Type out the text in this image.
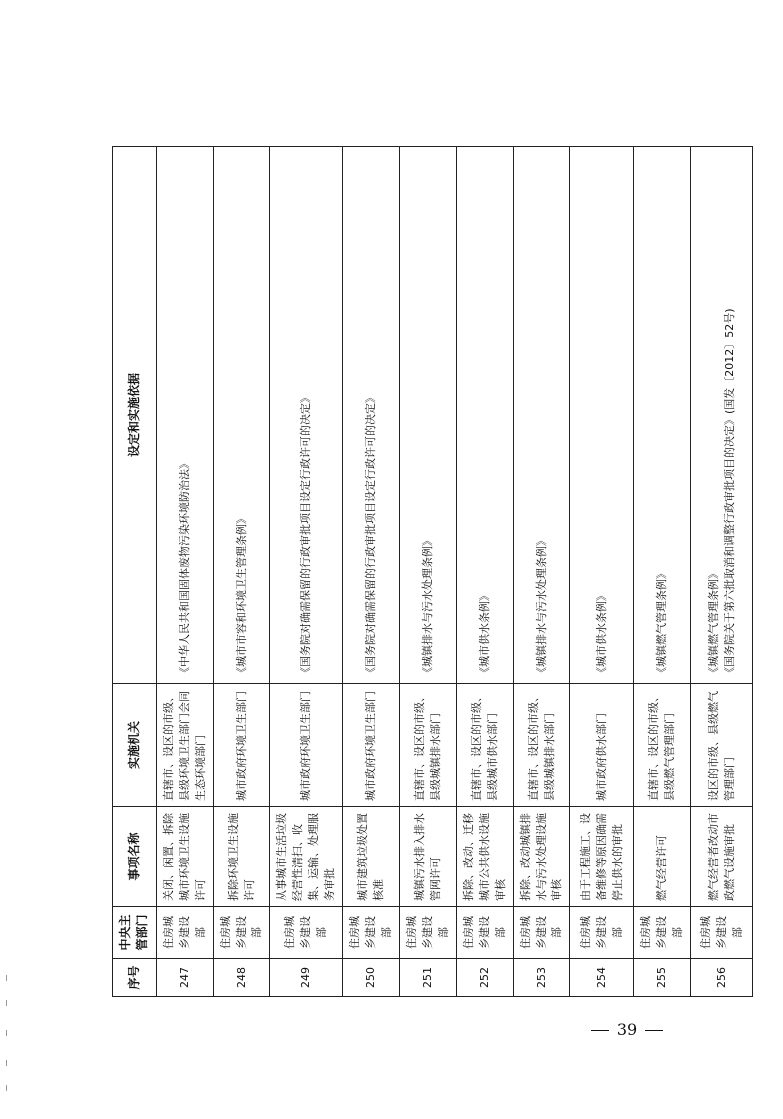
序号	中央主管部门	事项名称	实施机关	设定和实施依据
247	住房城乡建设部	关闭、闲置、拆除城市环境卫生设施许可	直辖市、设区的市级、县级环境卫生部门会同生态环境部门	《中华人民共和国固体废物污染环境防治法》
248	住房城乡建设部	拆除环境卫生设施许可	城市政府环境卫生部门	《城市市容和环境卫生管理条例》
249	住房城乡建设部	从事城市生活垃圾经营性清扫、收集、运输、处理服务审批	城市政府环境卫生部门	《国务院对确需保留的行政审批项目设定行政许可的决定》
250	住房城乡建设部	城市建筑垃圾处置核准	城市政府环境卫生部门	《国务院对确需保留的行政审批项目设定行政许可的决定》
251	住房城乡建设部	城镇污水排入排水管网许可	直辖市、设区的市级、县级城镇排水部门	《城镇排水与污水处理条例》
252	住房城乡建设部	拆除、改动、迁移城市公共供水设施审核	直辖市、设区的市级、县级城市供水部门	《城市供水条例》
253	住房城乡建设部	拆除、改动城镇排水与污水处理设施审核	直辖市、设区的市级、县级城镇排水部门	《城镇排水与污水处理条例》
254	住房城乡建设部	由于工程施工、设备维修等原因确需停止供水的审批	城市政府供水部门	《城市供水条例》
255	住房城乡建设部	燃气经营许可	直辖市、设区的市级、县级燃气管理部门	《城镇燃气管理条例》
256	住房城乡建设部	燃气经营者改动市政燃气设施审批	设区的市级、县级燃气管理部门	《城镇燃气管理条例》
《国务院关于第六批取消和调整行政审批项目的决定》(国发〔2012〕52号)
39
